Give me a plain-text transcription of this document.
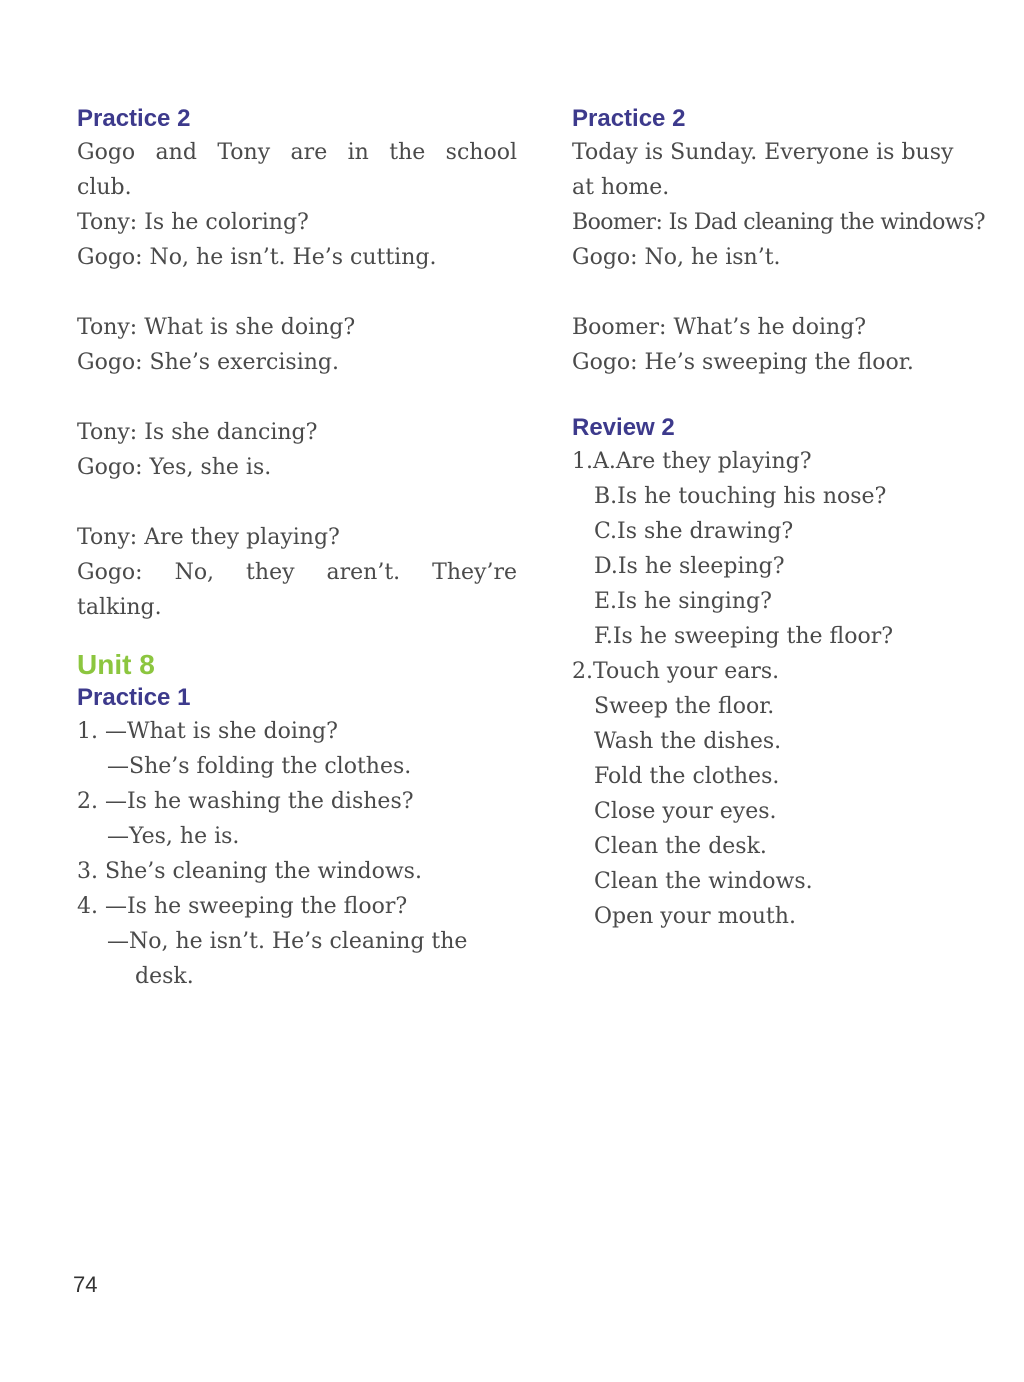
Practice 2
Gogo and Tony are in the school
club.
Tony: Is he coloring?
Gogo: No, he isn’t. He’s cutting.
Tony: What is she doing?
Gogo: She’s exercising.
Tony: Is she dancing?
Gogo: Yes, she is.
Tony: Are they playing?
Gogo: No, they aren’t. They’re
talking.
Unit 8
Practice 1
1. —What is she doing?
—She’s folding the clothes.
2. —Is he washing the dishes?
—Yes, he is.
3. She’s cleaning the windows.
4. —Is he sweeping the floor?
—No, he isn’t. He’s cleaning the
desk.
Practice 2
Today is Sunday. Everyone is busy
at home.
Boomer: Is Dad cleaning the windows?
Gogo: No, he isn’t.
Boomer: What’s he doing?
Gogo: He’s sweeping the floor.
Review 2
1.A.Are they playing?
B.Is he touching his nose?
C.Is she drawing?
D.Is he sleeping?
E.Is he singing?
F.Is he sweeping the floor?
2.Touch your ears.
Sweep the floor.
Wash the dishes.
Fold the clothes.
Close your eyes.
Clean the desk.
Clean the windows.
Open your mouth.
74
